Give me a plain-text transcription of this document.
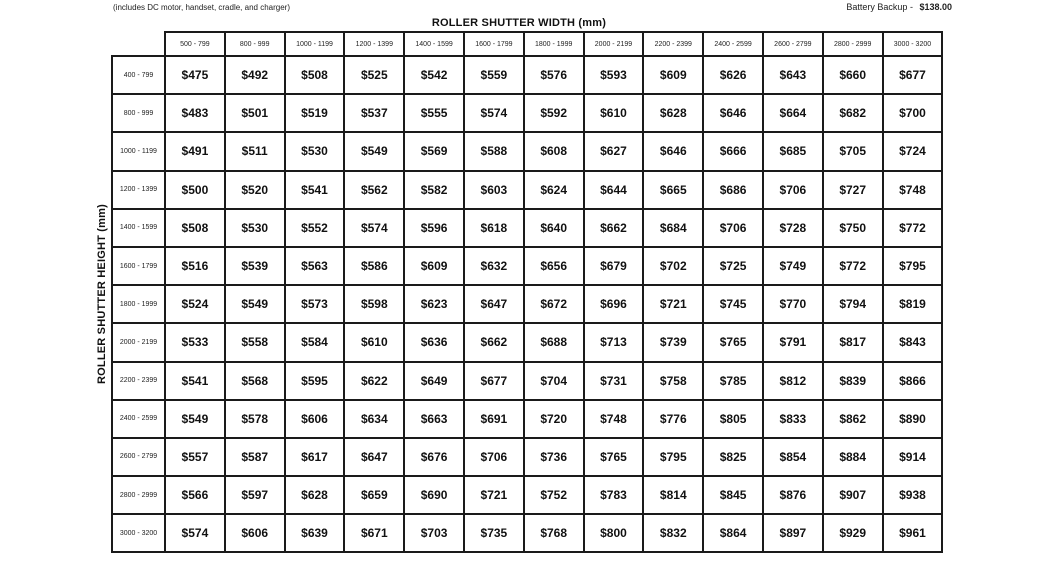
(includes DC motor, handset, cradle, and charger)	Battery Backup - $138.00
ROLLER SHUTTER WIDTH (mm)
ROLLER SHUTTER HEIGHT (mm)
	500 - 799	800 - 999	1000 - 1199	1200 - 1399	1400 - 1599	1600 - 1799	1800 - 1999	2000 - 2199	2200 - 2399	2400 - 2599	2600 - 2799	2800 - 2999	3000 - 3200
400 - 799	$475	$492	$508	$525	$542	$559	$576	$593	$609	$626	$643	$660	$677
800 - 999	$483	$501	$519	$537	$555	$574	$592	$610	$628	$646	$664	$682	$700
1000 - 1199	$491	$511	$530	$549	$569	$588	$608	$627	$646	$666	$685	$705	$724
1200 - 1399	$500	$520	$541	$562	$582	$603	$624	$644	$665	$686	$706	$727	$748
1400 - 1599	$508	$530	$552	$574	$596	$618	$640	$662	$684	$706	$728	$750	$772
1600 - 1799	$516	$539	$563	$586	$609	$632	$656	$679	$702	$725	$749	$772	$795
1800 - 1999	$524	$549	$573	$598	$623	$647	$672	$696	$721	$745	$770	$794	$819
2000 - 2199	$533	$558	$584	$610	$636	$662	$688	$713	$739	$765	$791	$817	$843
2200 - 2399	$541	$568	$595	$622	$649	$677	$704	$731	$758	$785	$812	$839	$866
2400 - 2599	$549	$578	$606	$634	$663	$691	$720	$748	$776	$805	$833	$862	$890
2600 - 2799	$557	$587	$617	$647	$676	$706	$736	$765	$795	$825	$854	$884	$914
2800 - 2999	$566	$597	$628	$659	$690	$721	$752	$783	$814	$845	$876	$907	$938
3000 - 3200	$574	$606	$639	$671	$703	$735	$768	$800	$832	$864	$897	$929	$961
